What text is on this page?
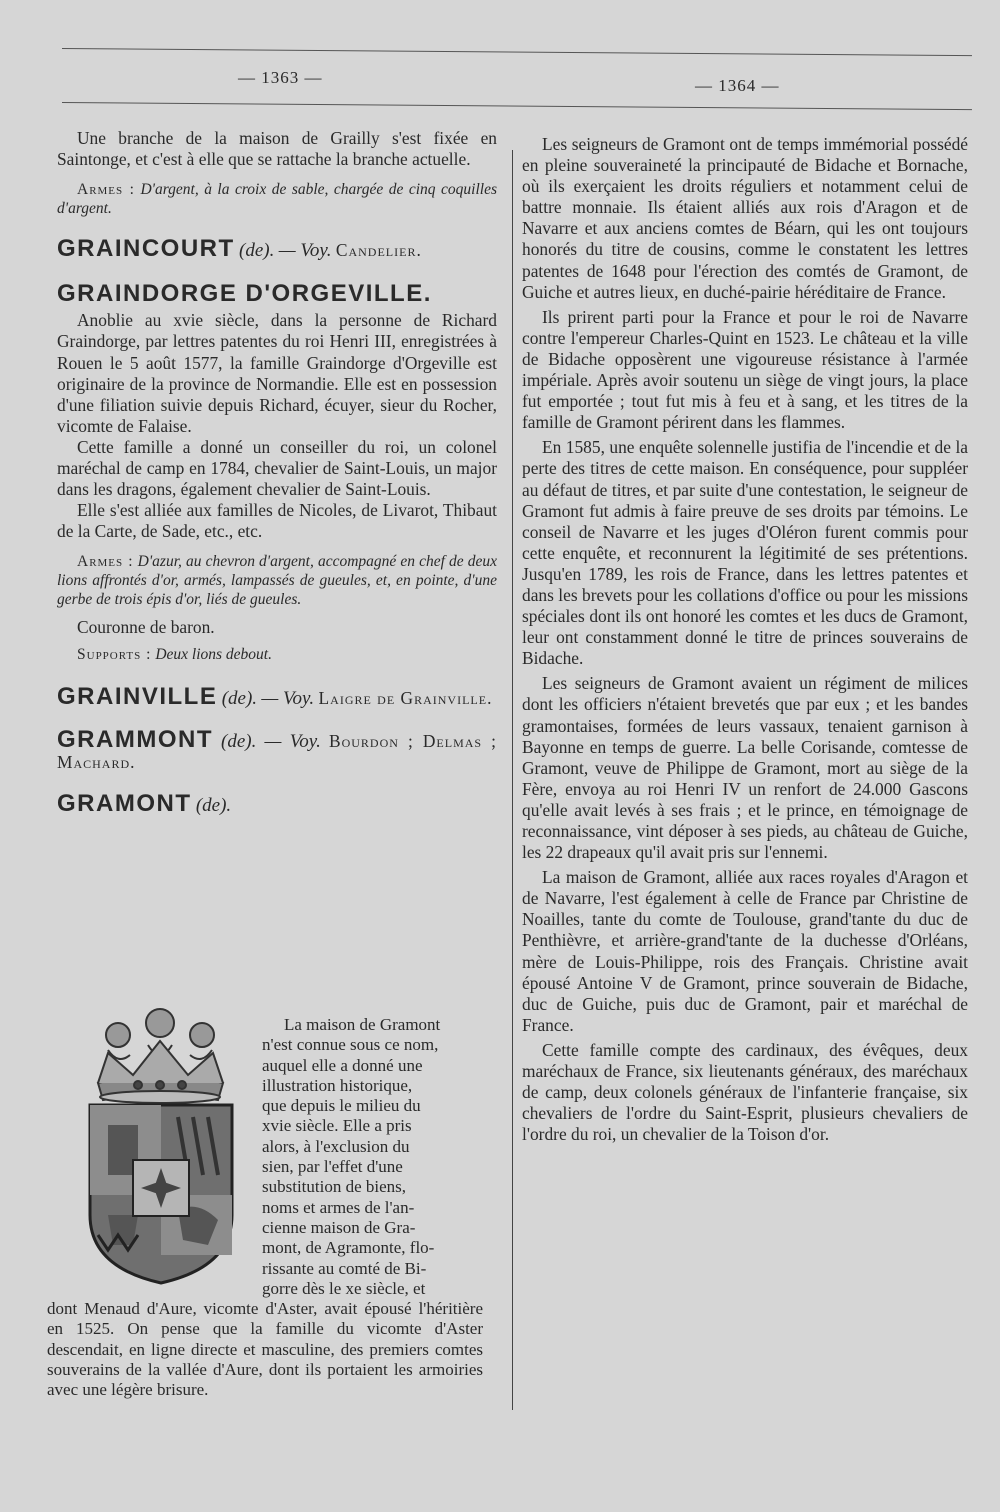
— 1363 —	— 1364 —

Une branche de la maison de Grailly s'est fixée en Saintonge, et c'est à elle que se rattache la branche actuelle.

Armes : D'argent, à la croix de sable, chargée de cinq coquilles d'argent.

GRAINCOURT (de). — Voy. Candelier.

GRAINDORGE D'ORGEVILLE.

Anoblie au xvie siècle, dans la personne de Richard Graindorge, par lettres patentes du roi Henri III, enregistrées à Rouen le 5 août 1577, la famille Graindorge d'Orgeville est originaire de la province de Normandie. Elle est en possession d'une filiation suivie depuis Richard, écuyer, sieur du Rocher, vicomte de Falaise.

Cette famille a donné un conseiller du roi, un colonel maréchal de camp en 1784, chevalier de Saint-Louis, un major dans les dragons, également chevalier de Saint-Louis.

Elle s'est alliée aux familles de Nicoles, de Livarot, Thibaut de la Carte, de Sade, etc., etc.

Armes : D'azur, au chevron d'argent, accompagné en chef de deux lions affrontés d'or, armés, lampassés de gueules, et, en pointe, d'une gerbe de trois épis d'or, liés de gueules.

Couronne de baron.

Supports : Deux lions debout.

GRAINVILLE (de). — Voy. Laigre de Grainville.

GRAMMONT (de). — Voy. Bourdon ; Delmas ; Machard.

GRAMONT (de).

La maison de Gramont

n'est connue sous ce nom,

auquel elle a donné une

illustration historique,

que depuis le milieu du

xvie siècle. Elle a pris

alors, à l'exclusion du

sien, par l'effet d'une

substitution de biens,

noms et armes de l'an-

cienne maison de Gra-

mont, de Agramonte, flo-

rissante au comté de Bi-

gorre dès le xe siècle, et

dont Menaud d'Aure, vicomte d'Aster, avait épousé l'héritière en 1525. On pense que la famille du vicomte d'Aster descendait, en ligne directe et masculine, des premiers comtes souverains de la vallée d'Aure, dont ils portaient les armoiries avec une légère brisure.

Les seigneurs de Gramont ont de temps immémorial possédé en pleine souveraineté la principauté de Bidache et Bornache, où ils exerçaient les droits réguliers et notamment celui de battre monnaie. Ils étaient alliés aux rois d'Aragon et de Navarre et aux anciens comtes de Béarn, qui les ont toujours honorés du titre de cousins, comme le constatent les lettres patentes de 1648 pour l'érection des comtés de Gramont, de Guiche et autres lieux, en duché-pairie héréditaire de France.

Ils prirent parti pour la France et pour le roi de Navarre contre l'empereur Charles-Quint en 1523. Le château et la ville de Bidache opposèrent une vigoureuse résistance à l'armée impériale. Après avoir soutenu un siège de vingt jours, la place fut emportée ; tout fut mis à feu et à sang, et les titres de la famille de Gramont périrent dans les flammes.

En 1585, une enquête solennelle justifia de l'incendie et de la perte des titres de cette maison. En conséquence, pour suppléer au défaut de titres, et par suite d'une contestation, le seigneur de Gramont fut admis à faire preuve de ses droits par témoins. Le conseil de Navarre et les juges d'Oléron furent commis pour cette enquête, et reconnurent la légitimité de ses prétentions. Jusqu'en 1789, les rois de France, dans les lettres patentes et dans les brevets pour les collations d'office ou pour les missions spéciales dont ils ont honoré les comtes et les ducs de Gramont, leur ont constamment donné le titre de princes souverains de Bidache.

Les seigneurs de Gramont avaient un régiment de milices dont les officiers n'étaient brevetés que par eux ; et les bandes gramontaises, formées de leurs vassaux, tenaient garnison à Bayonne en temps de guerre. La belle Corisande, comtesse de Gramont, veuve de Philippe de Gramont, mort au siège de la Fère, envoya au roi Henri IV un renfort de 24.000 Gascons qu'elle avait levés à ses frais ; et le prince, en témoignage de reconnaissance, vint déposer à ses pieds, au château de Guiche, les 22 drapeaux qu'il avait pris sur l'ennemi.

La maison de Gramont, alliée aux races royales d'Aragon et de Navarre, l'est également à celle de France par Christine de Noailles, tante du comte de Toulouse, grand'tante du duc de Penthièvre, et arrière-grand'tante de la duchesse d'Orléans, mère de Louis-Philippe, rois des Français. Christine avait épousé Antoine V de Gramont, prince souverain de Bidache, duc de Guiche, puis duc de Gramont, pair et maréchal de France.

Cette famille compte des cardinaux, des évêques, deux maréchaux de France, six lieutenants généraux, des maréchaux de camp, deux colonels généraux de l'infanterie française, six chevaliers de l'ordre du Saint-Esprit, plusieurs chevaliers de l'ordre du roi, un chevalier de la Toison d'or.
